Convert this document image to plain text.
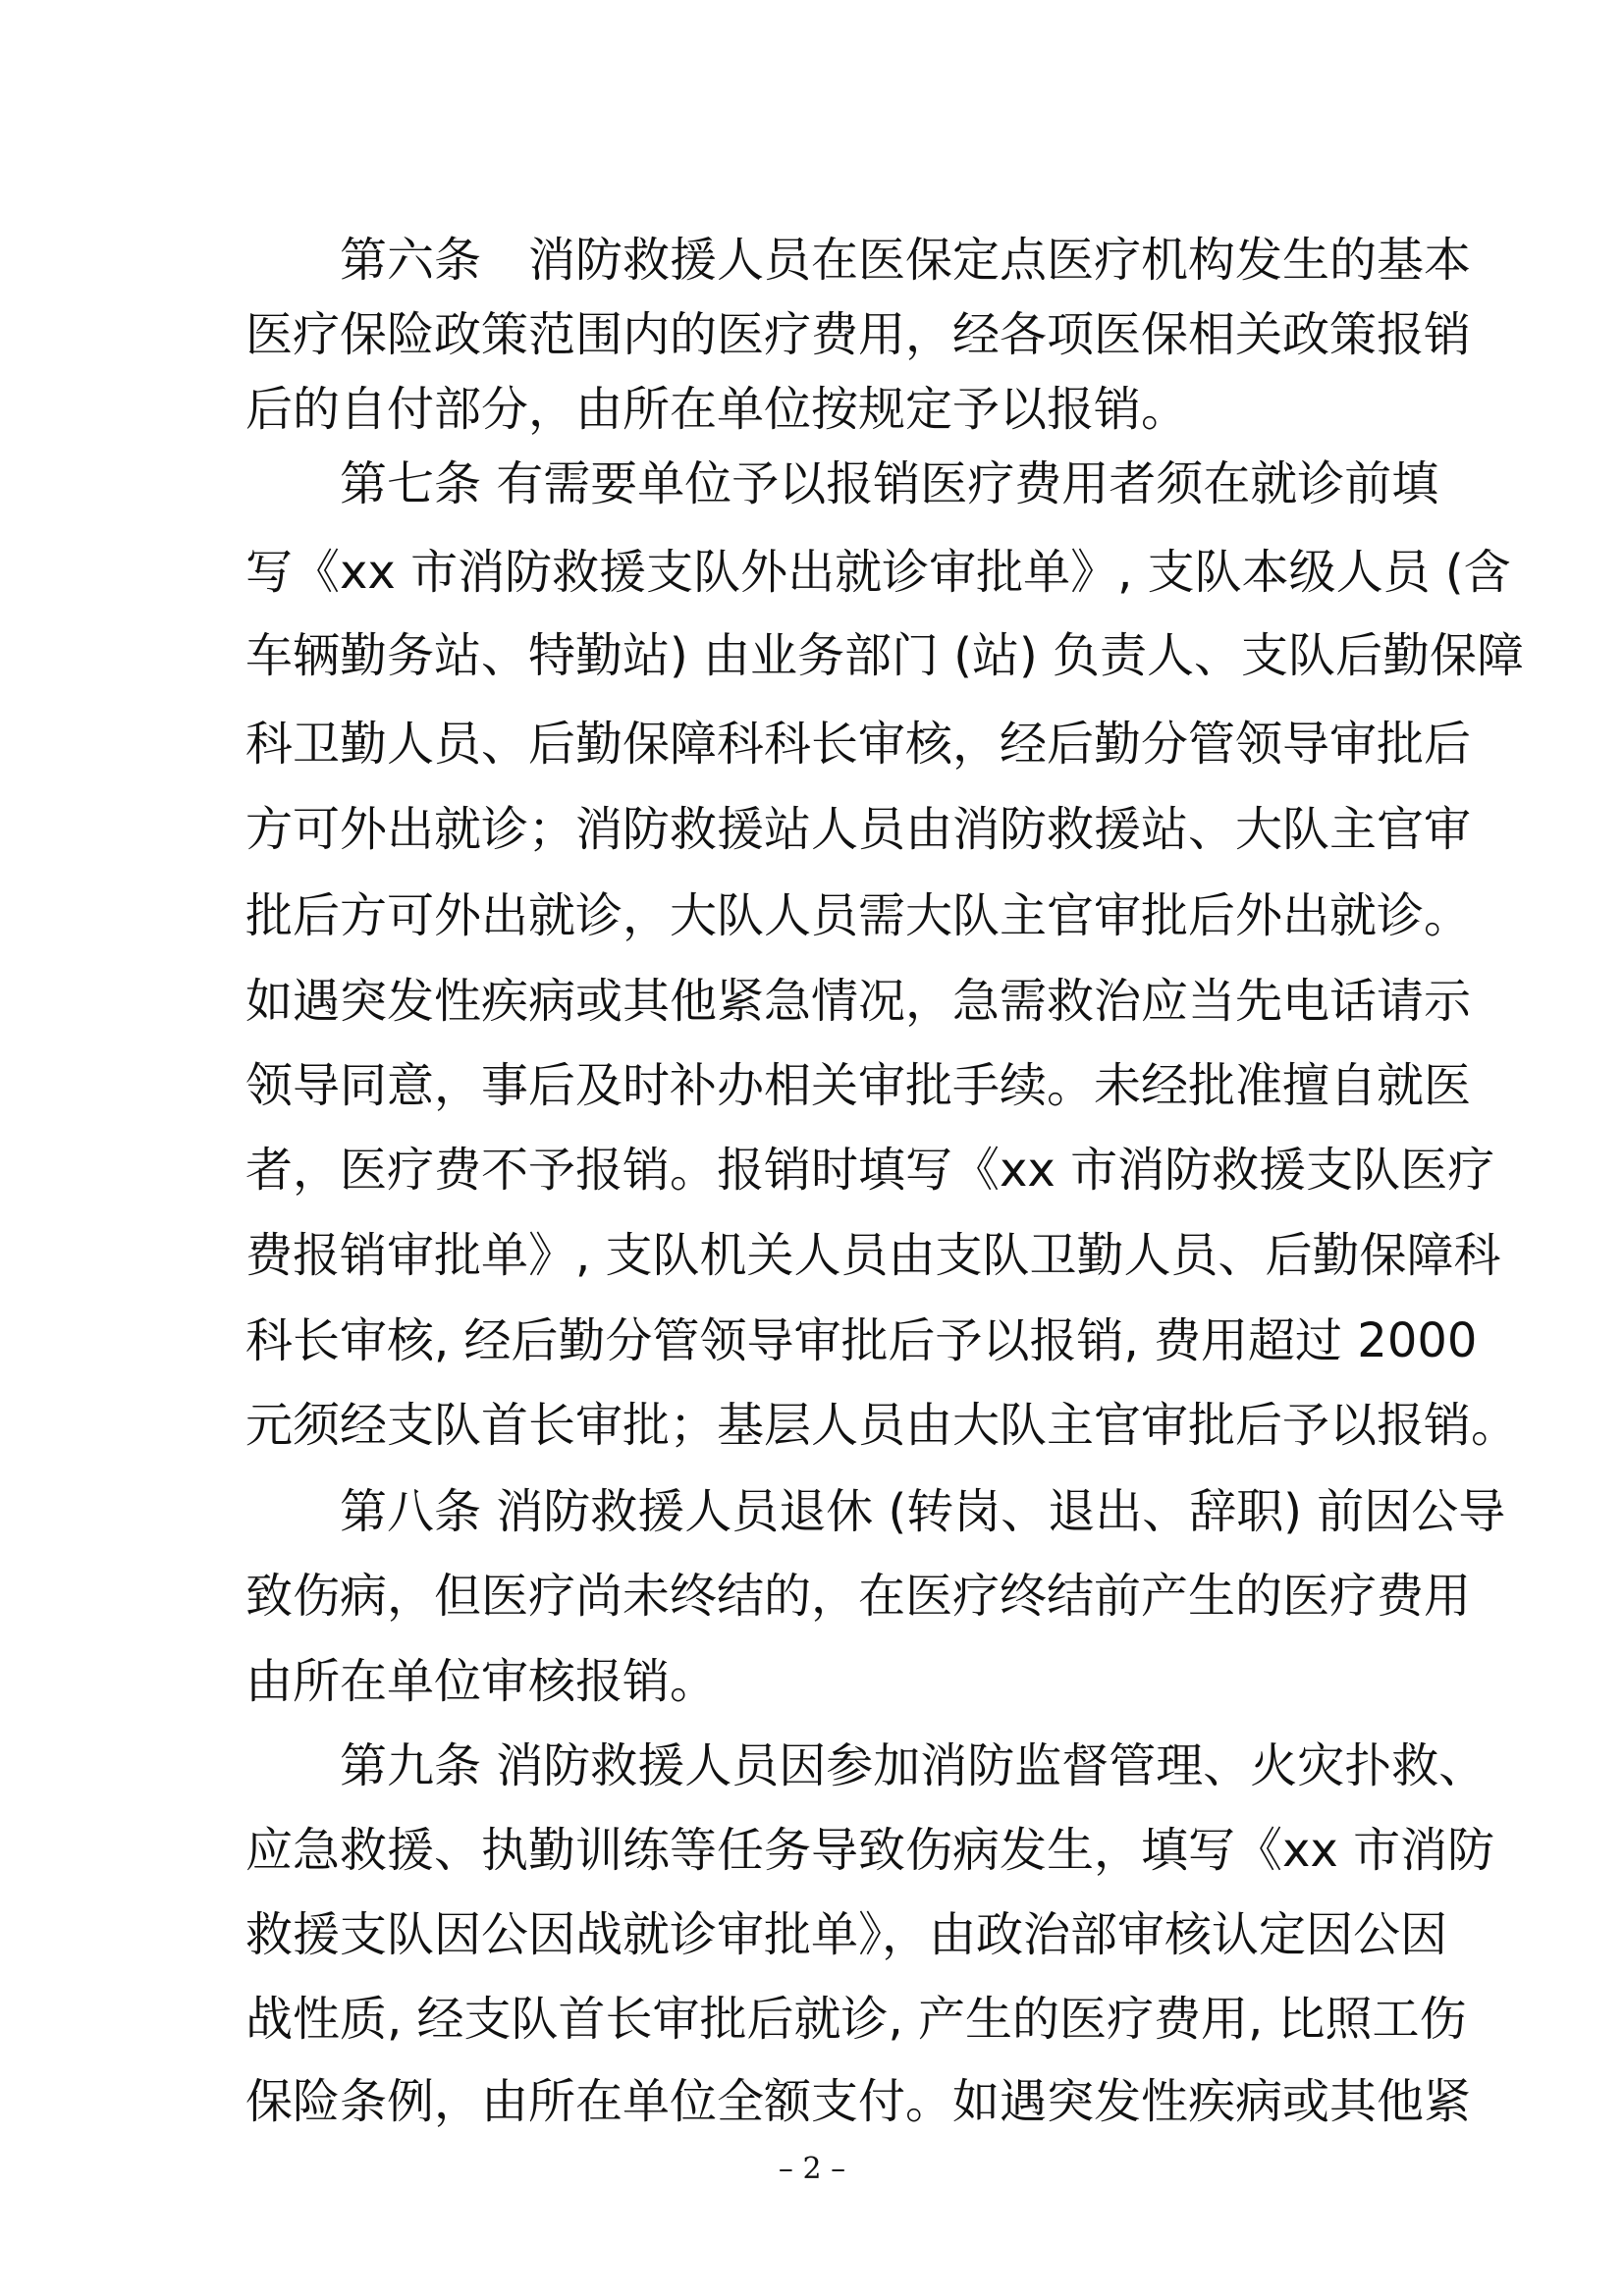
　　第六条　消防救援人员在医保定点医疗机构发生的基本
医疗保险政策范围内的医疗费用，经各项医保相关政策报销
后的自付部分，由所在单位按规定予以报销。
　　第七条 有需要单位予以报销医疗费用者须在就诊前填
写《xx 市消防救援支队外出就诊审批单》, 支队本级人员 (含
车辆勤务站、特勤站) 由业务部门 (站) 负责人、支队后勤保障
科卫勤人员、后勤保障科科长审核，经后勤分管领导审批后
方可外出就诊；消防救援站人员由消防救援站、大队主官审
批后方可外出就诊，大队人员需大队主官审批后外出就诊。
如遇突发性疾病或其他紧急情况，急需救治应当先电话请示
领导同意，事后及时补办相关审批手续。未经批准擅自就医
者，医疗费不予报销。报销时填写《xx 市消防救援支队医疗
费报销审批单》, 支队机关人员由支队卫勤人员、后勤保障科
科长审核, 经后勤分管领导审批后予以报销, 费用超过 2000
元须经支队首长审批；基层人员由大队主官审批后予以报销。
　　第八条 消防救援人员退休 (转岗、退出、辞职) 前因公导
致伤病，但医疗尚未终结的，在医疗终结前产生的医疗费用
由所在单位审核报销。
　　第九条 消防救援人员因参加消防监督管理、火灾扑救、
应急救援、执勤训练等任务导致伤病发生，填写《xx 市消防
救援支队因公因战就诊审批单》，由政治部审核认定因公因
战性质, 经支队首长审批后就诊, 产生的医疗费用, 比照工伤
保险条例，由所在单位全额支付。如遇突发性疾病或其他紧
– 2 –
